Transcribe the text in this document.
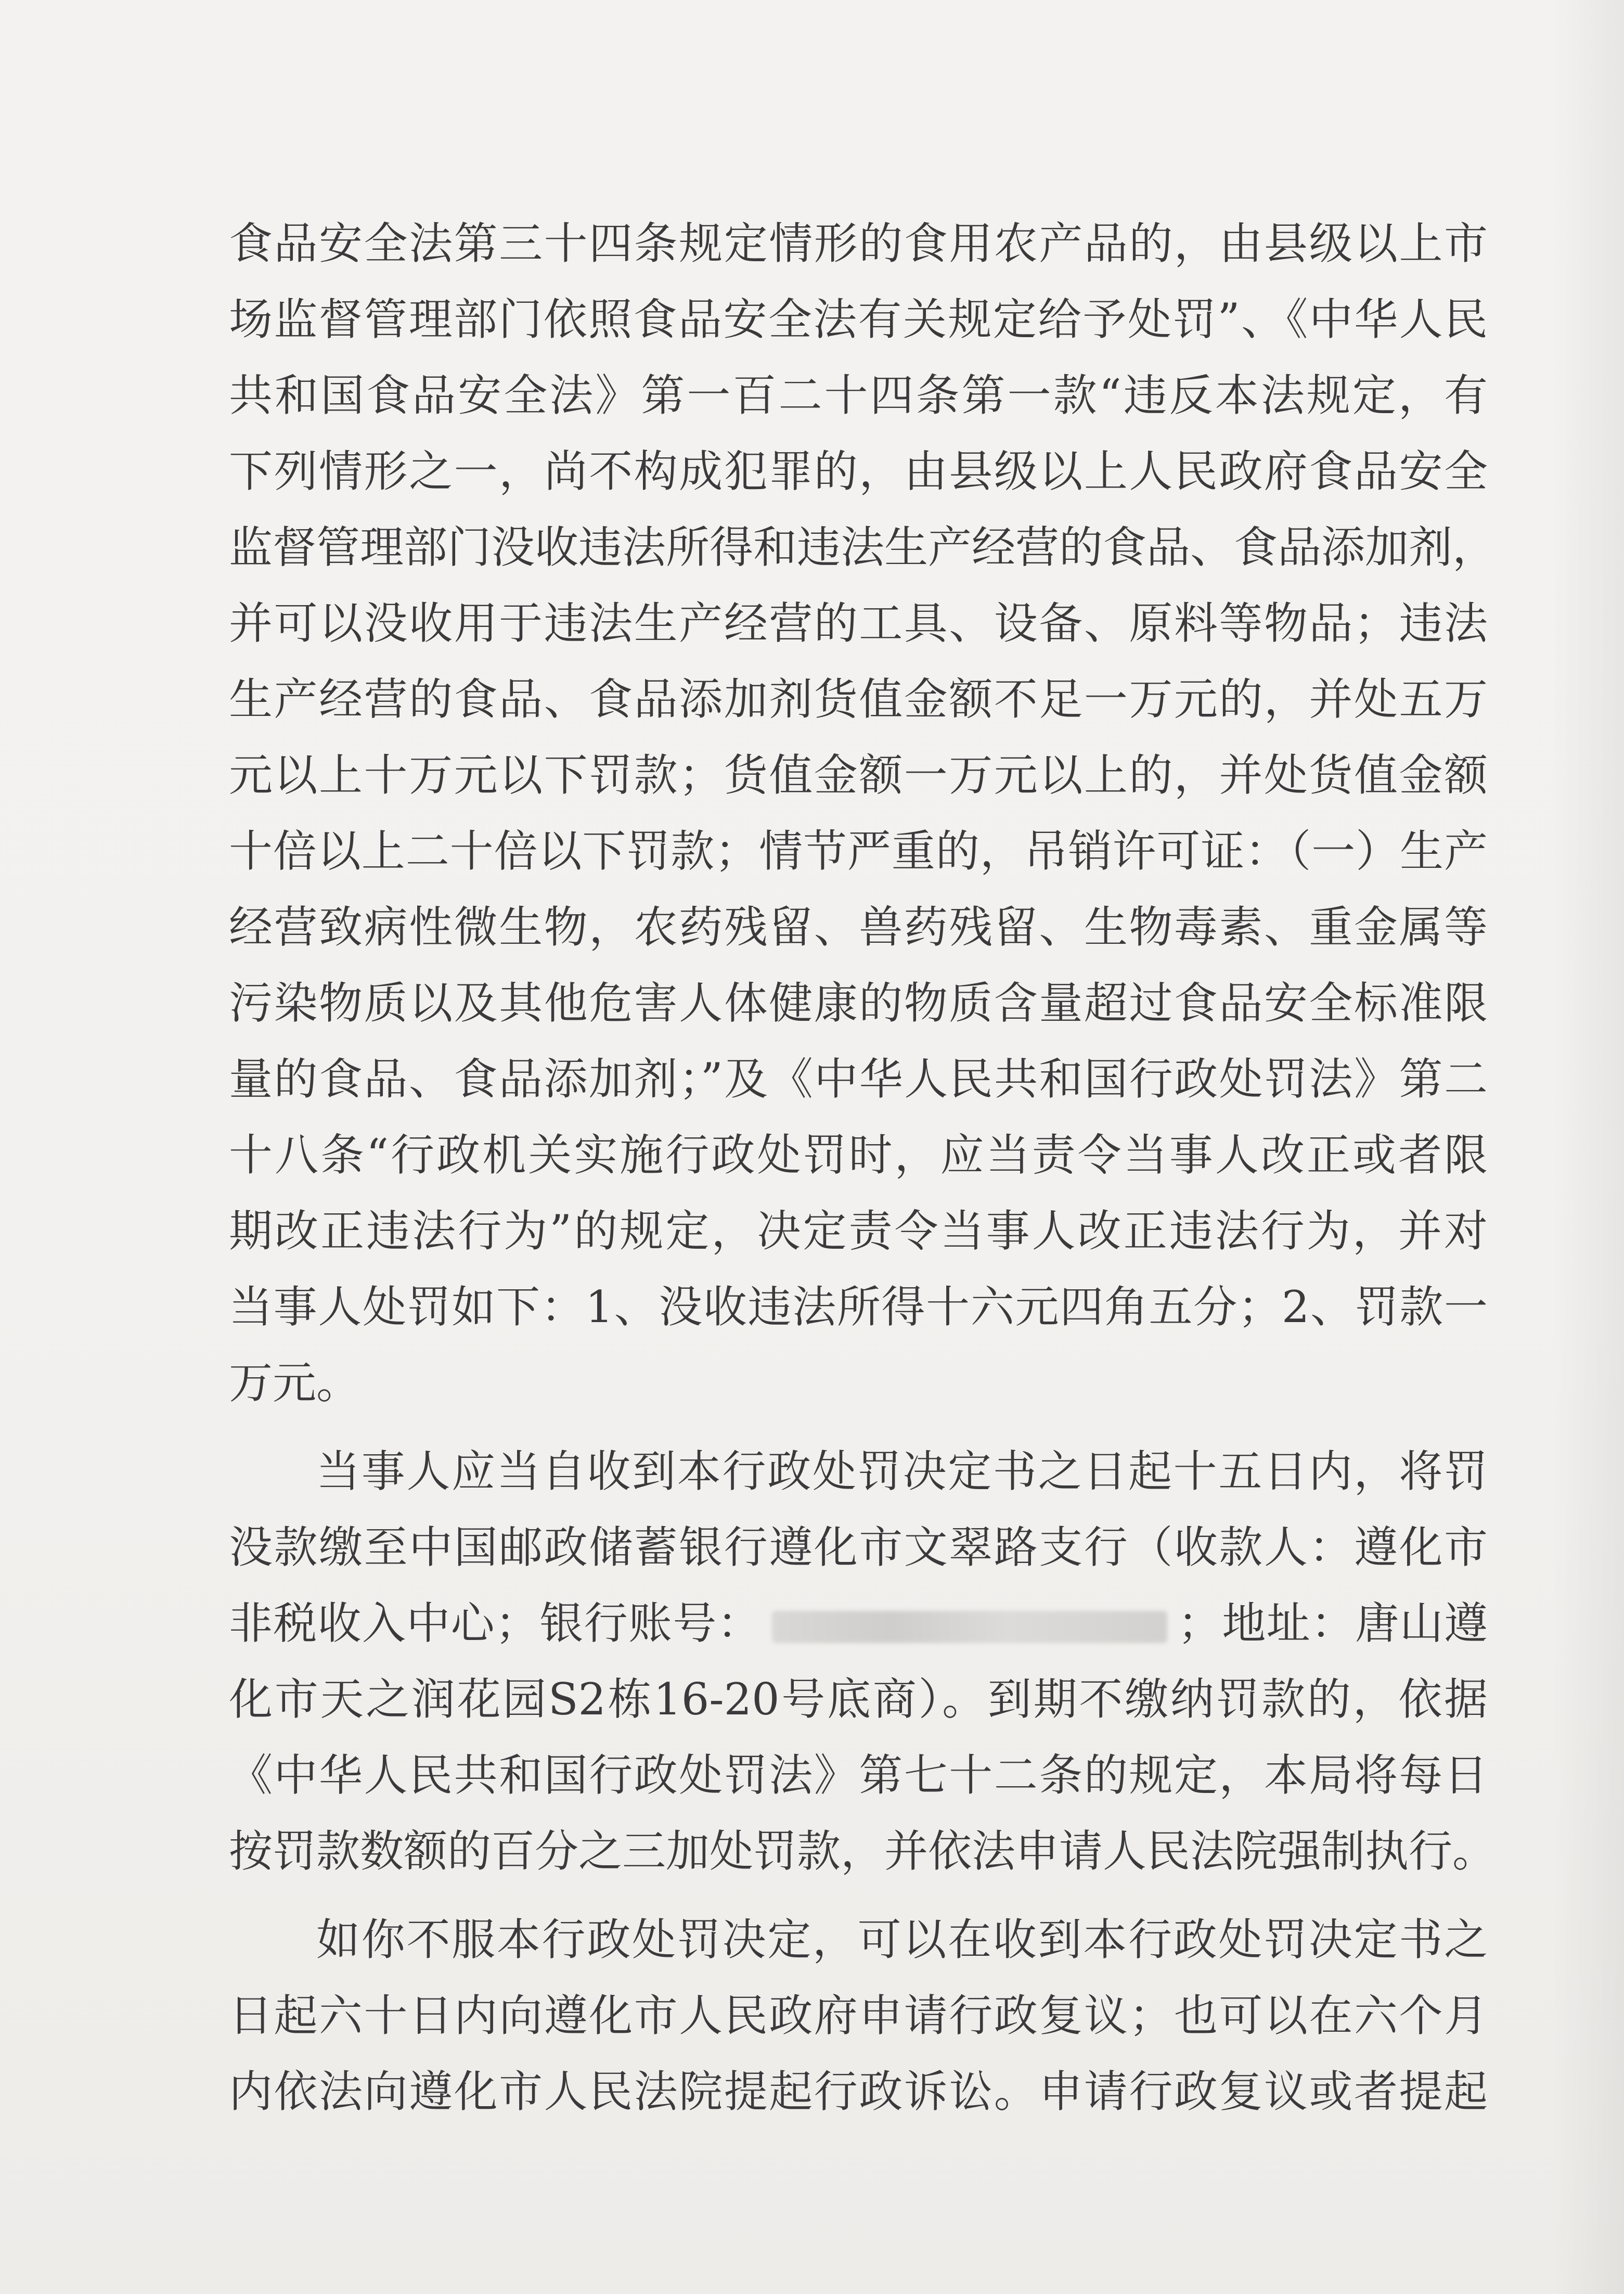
食品安全法第三十四条规定情形的食用农产品的，由县级以上市
场监督管理部门依照食品安全法有关规定给予处罚”、《中华人民
共和国食品安全法》第一百二十四条第一款“违反本法规定，有
下列情形之一，尚不构成犯罪的，由县级以上人民政府食品安全
监督管理部门没收违法所得和违法生产经营的食品、食品添加剂，
并可以没收用于违法生产经营的工具、设备、原料等物品；违法
生产经营的食品、食品添加剂货值金额不足一万元的，并处五万
元以上十万元以下罚款；货值金额一万元以上的，并处货值金额
十倍以上二十倍以下罚款；情节严重的，吊销许可证：（一）生产
经营致病性微生物，农药残留、兽药残留、生物毒素、重金属等
污染物质以及其他危害人体健康的物质含量超过食品安全标准限
量的食品、食品添加剂；”及《中华人民共和国行政处罚法》第二
十八条“行政机关实施行政处罚时，应当责令当事人改正或者限
期改正违法行为”的规定，决定责令当事人改正违法行为，并对
当事人处罚如下：1、没收违法所得十六元四角五分；2、罚款一
万元。
当事人应当自收到本行政处罚决定书之日起十五日内，将罚
没款缴至中国邮政储蓄银行遵化市文翠路支行（收款人：遵化市
非税收入中心；银行账号：	；地址：唐山遵
化市天之润花园S2栋16-20号底商）。到期不缴纳罚款的，依据
《中华人民共和国行政处罚法》第七十二条的规定，本局将每日
按罚款数额的百分之三加处罚款，并依法申请人民法院强制执行。
如你不服本行政处罚决定，可以在收到本行政处罚决定书之
日起六十日内向遵化市人民政府申请行政复议；也可以在六个月
内依法向遵化市人民法院提起行政诉讼。申请行政复议或者提起
